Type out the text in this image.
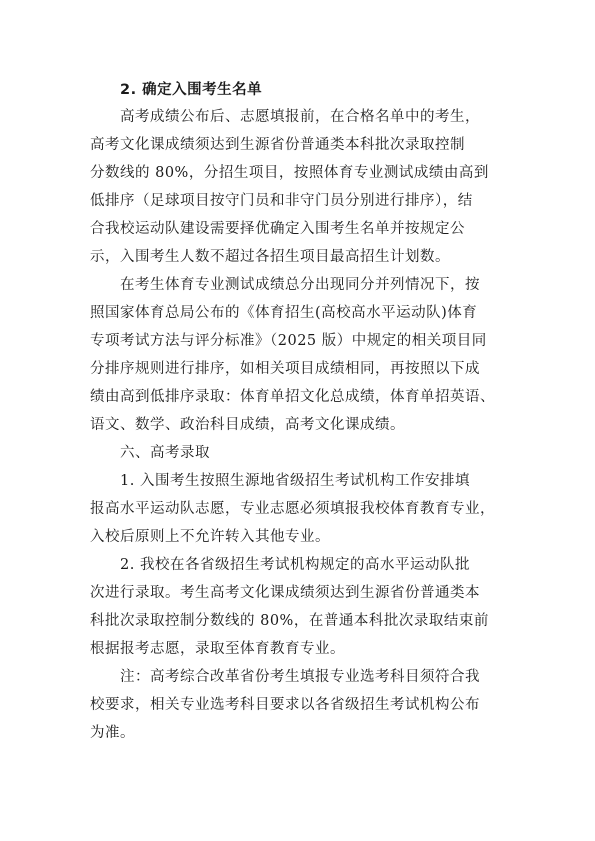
2. 确定入围考生名单
高考成绩公布后、志愿填报前，在合格名单中的考生，
高考文化课成绩须达到生源省份普通类本科批次录取控制
分数线的 80%，分招生项目，按照体育专业测试成绩由高到
低排序（足球项目按守门员和非守门员分别进行排序），结
合我校运动队建设需要择优确定入围考生名单并按规定公
示，入围考生人数不超过各招生项目最高招生计划数。
在考生体育专业测试成绩总分出现同分并列情况下，按
照国家体育总局公布的《体育招生(高校高水平运动队)体育
专项考试方法与评分标准》（2025 版）中规定的相关项目同
分排序规则进行排序，如相关项目成绩相同，再按照以下成
绩由高到低排序录取：体育单招文化总成绩，体育单招英语、
语文、数学、政治科目成绩，高考文化课成绩。
六、高考录取
1. 入围考生按照生源地省级招生考试机构工作安排填
报高水平运动队志愿，专业志愿必须填报我校体育教育专业，
入校后原则上不允许转入其他专业。
2. 我校在各省级招生考试机构规定的高水平运动队批
次进行录取。考生高考文化课成绩须达到生源省份普通类本
科批次录取控制分数线的 80%，在普通本科批次录取结束前
根据报考志愿，录取至体育教育专业。
注：高考综合改革省份考生填报专业选考科目须符合我
校要求，相关专业选考科目要求以各省级招生考试机构公布
为准。
